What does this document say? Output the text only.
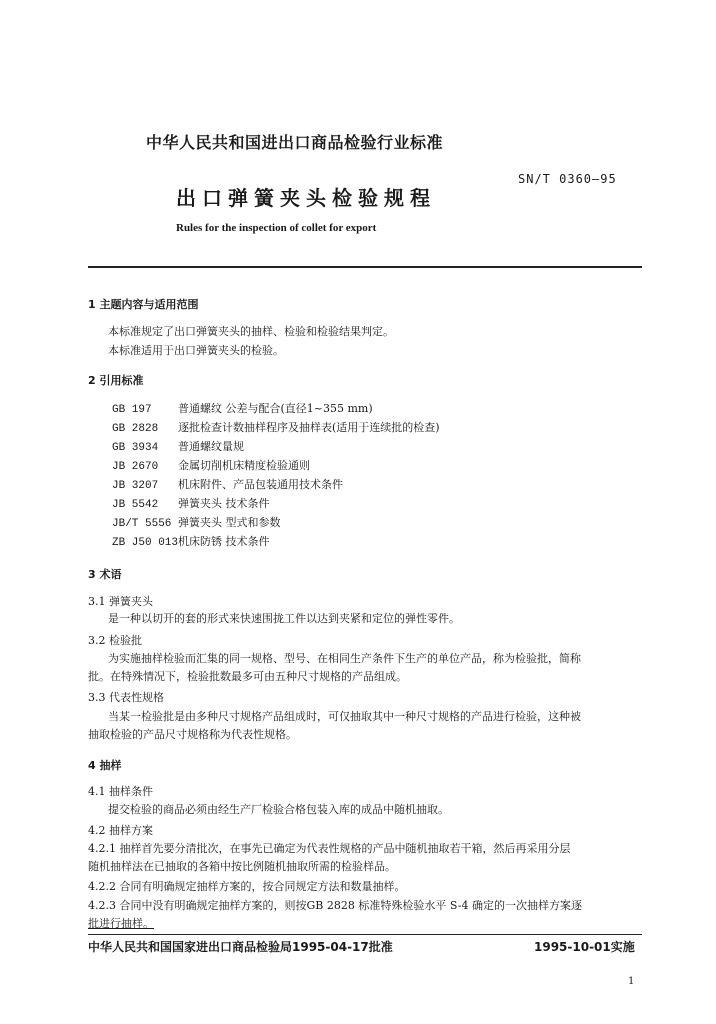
中华人民共和国进出口商品检验行业标准
SN/T 0360—95
出口弹簧夹头检验规程
Rules for the inspection of collet for export
1 主题内容与适用范围
本标准规定了出口弹簧夹头的抽样、检验和检验结果判定。
本标准适用于出口弹簧夹头的检验。
2 引用标准
GB 197 普通螺纹 公差与配合(直径1~355 mm)
GB 2828 逐批检查计数抽样程序及抽样表(适用于连续批的检查)
GB 3934 普通螺纹量规
JB 2670 金属切削机床精度检验通则
JB 3207 机床附件、产品包装通用技术条件
JB 5542 弹簧夹头 技术条件
JB/T 5556 弹簧夹头 型式和参数
ZB J50 013机床防锈 技术条件
3 术语
3.1 弹簧夹头
是一种以切开的套的形式来快速围拢工件以达到夹紧和定位的弹性零件。
3.2 检验批
为实施抽样检验而汇集的同一规格、型号、在相同生产条件下生产的单位产品，称为检验批，简称
批。在特殊情况下，检验批数最多可由五种尺寸规格的产品组成。
3.3 代表性规格
当某一检验批是由多种尺寸规格产品组成时，可仅抽取其中一种尺寸规格的产品进行检验，这种被
抽取检验的产品尺寸规格称为代表性规格。
4 抽样
4.1 抽样条件
提交检验的商品必须由经生产厂检验合格包装入库的成品中随机抽取。
4.2 抽样方案
4.2.1 抽样首先要分清批次，在事先已确定为代表性规格的产品中随机抽取若干箱，然后再采用分层
随机抽样法在已抽取的各箱中按比例随机抽取所需的检验样品。
4.2.2 合同有明确规定抽样方案的，按合同规定方法和数量抽样。
4.2.3 合同中没有明确规定抽样方案的，则按GB 2828 标准特殊检验水平 S-4 确定的一次抽样方案逐
批进行抽样。
中华人民共和国国家进出口商品检验局1995-04-17批准	1995-10-01实施
1
